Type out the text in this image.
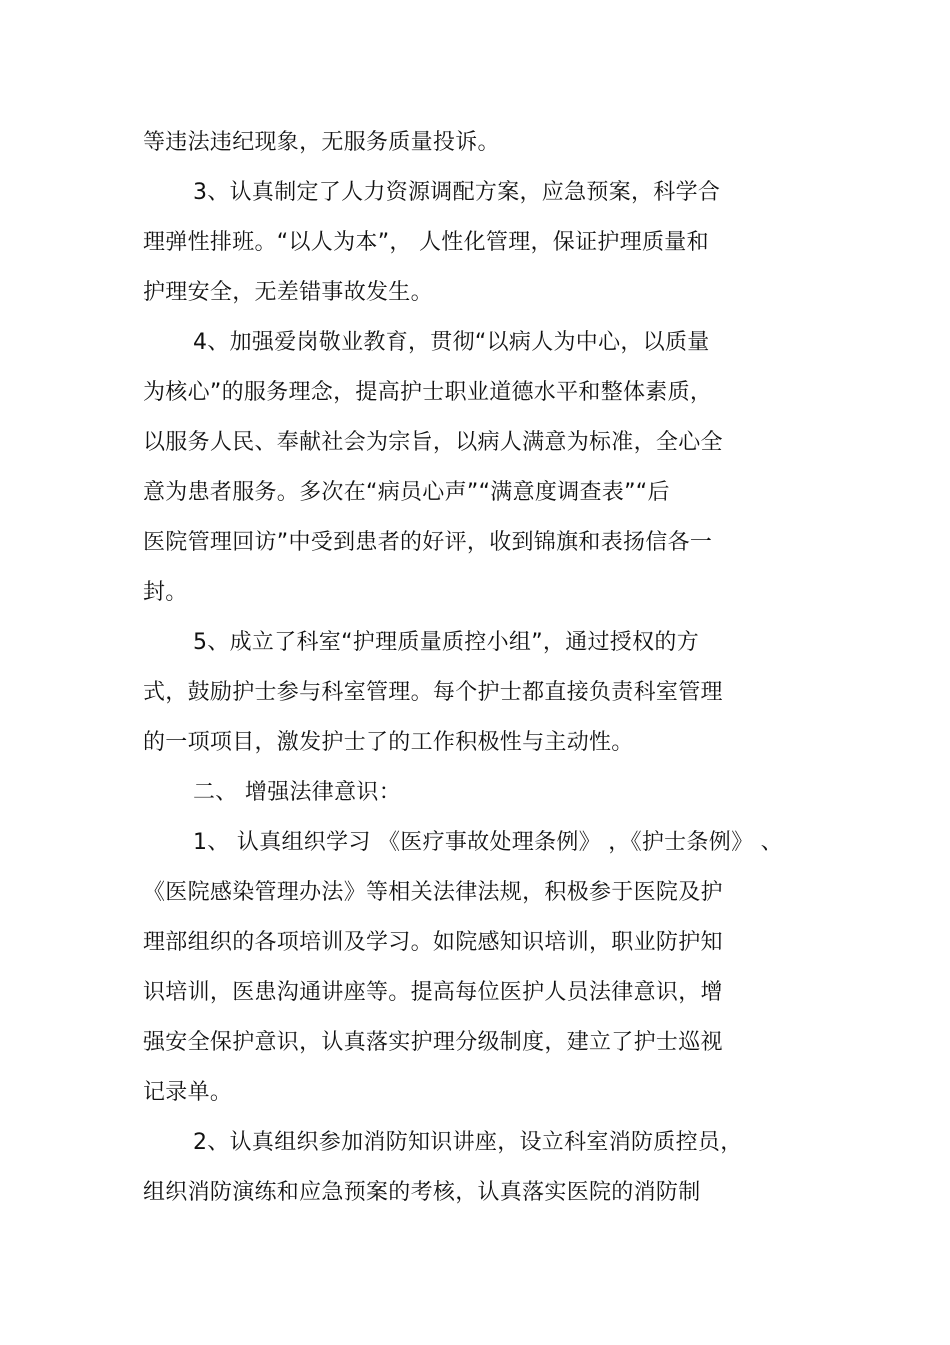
等违法违纪现象，无服务质量投诉。
3、认真制定了人力资源调配方案，应急预案，科学合
理弹性排班。“以人为本”， 人性化管理，保证护理质量和
护理安全，无差错事故发生。
4、加强爱岗敬业教育，贯彻“以病人为中心，以质量
为核心”的服务理念，提高护士职业道德水平和整体素质，
以服务人民、奉献社会为宗旨，以病人满意为标准，全心全
意为患者服务。多次在“病员心声”“满意度调查表”“后
医院管理回访”中受到患者的好评，收到锦旗和表扬信各一
封。
5、成立了科室“护理质量质控小组”，通过授权的方
式，鼓励护士参与科室管理。每个护士都直接负责科室管理
的一项项目，激发护士了的工作积极性与主动性。
二、 增强法律意识：
1、 认真组织学习 《医疗事故处理条例》 ，《护士条例》 、
《医院感染管理办法》等相关法律法规，积极参于医院及护
理部组织的各项培训及学习。如院感知识培训，职业防护知
识培训，医患沟通讲座等。提高每位医护人员法律意识，增
强安全保护意识，认真落实护理分级制度，建立了护士巡视
记录单。
2、认真组织参加消防知识讲座，设立科室消防质控员，
组织消防演练和应急预案的考核，认真落实医院的消防制
